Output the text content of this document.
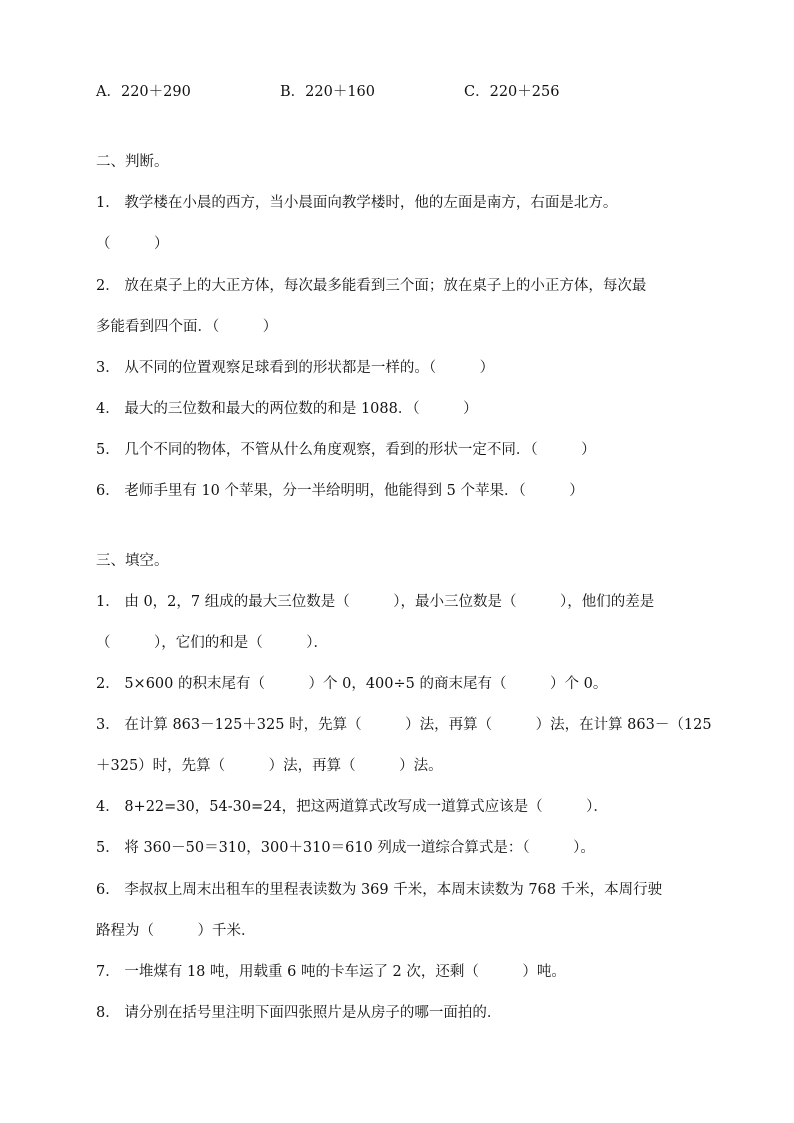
A．220＋290	B．220＋160	C．220＋256
二、判断。
1． 教学楼在小晨的西方，当小晨面向教学楼时，他的左面是南方，右面是北方。
（　　　）
2． 放在桌子上的大正方体，每次最多能看到三个面；放在桌子上的小正方体，每次最
多能看到四个面．（　　　）
3． 从不同的位置观察足球看到的形状都是一样的。（　　　）
4． 最大的三位数和最大的两位数的和是 1088．（　　　）
5． 几个不同的物体，不管从什么角度观察，看到的形状一定不同．（　　　）
6． 老师手里有 10 个苹果，分一半给明明，他能得到 5 个苹果．（　　　）
三、填空。
1． 由 0，2，7 组成的最大三位数是（　　　），最小三位数是（　　　），他们的差是
（　　　），它们的和是（　　　）．
2． 5×600 的积末尾有（　　　）个 0，400÷5 的商末尾有（　　　）个 0。
3． 在计算 863－125＋325 时，先算（　　　）法，再算（　　　）法，在计算 863－（125
＋325）时，先算（　　　）法，再算（　　　）法。
4． 8+22=30，54-30=24，把这两道算式改写成一道算式应该是（　　　）．
5． 将 360－50＝310，300＋310＝610 列成一道综合算式是：（　　　）。
6． 李叔叔上周末出租车的里程表读数为 369 千米，本周末读数为 768 千米，本周行驶
路程为（　　　）千米．
7． 一堆煤有 18 吨，用载重 6 吨的卡车运了 2 次，还剩（　　　）吨。
8． 请分别在括号里注明下面四张照片是从房子的哪一面拍的．
